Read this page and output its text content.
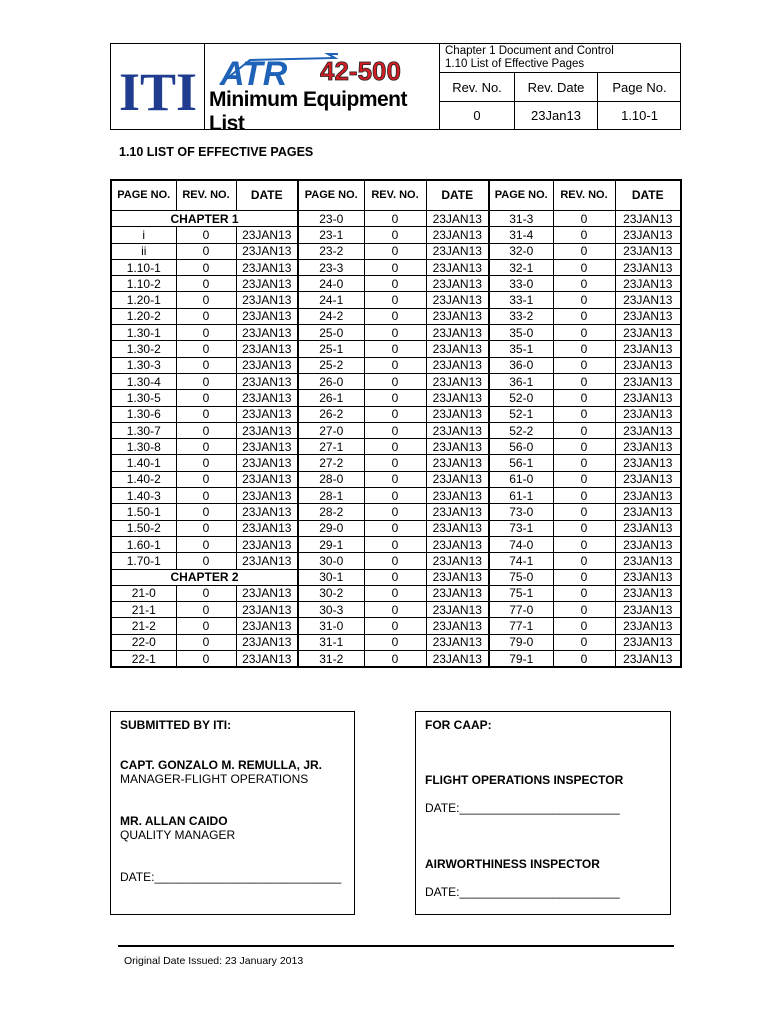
ITI ATR 42-500
Minimum Equipment List
Chapter 1 Document and Control
1.10 List of Effective Pages
Rev. No.	Rev. Date	Page No.
0	23Jan13	1.10-1
1.10 LIST OF EFFECTIVE PAGES
PAGE NO.	REV. NO.	DATE	PAGE NO.	REV. NO.	DATE	PAGE NO.	REV. NO.	DATE
CHAPTER 1			23-0	0	23JAN13	31-3	0	23JAN13
i	0	23JAN13	23-1	0	23JAN13	31-4	0	23JAN13
ii	0	23JAN13	23-2	0	23JAN13	32-0	0	23JAN13
1.10-1	0	23JAN13	23-3	0	23JAN13	32-1	0	23JAN13
1.10-2	0	23JAN13	24-0	0	23JAN13	33-0	0	23JAN13
1.20-1	0	23JAN13	24-1	0	23JAN13	33-1	0	23JAN13
1.20-2	0	23JAN13	24-2	0	23JAN13	33-2	0	23JAN13
1.30-1	0	23JAN13	25-0	0	23JAN13	35-0	0	23JAN13
1.30-2	0	23JAN13	25-1	0	23JAN13	35-1	0	23JAN13
1.30-3	0	23JAN13	25-2	0	23JAN13	36-0	0	23JAN13
1.30-4	0	23JAN13	26-0	0	23JAN13	36-1	0	23JAN13
1.30-5	0	23JAN13	26-1	0	23JAN13	52-0	0	23JAN13
1.30-6	0	23JAN13	26-2	0	23JAN13	52-1	0	23JAN13
1.30-7	0	23JAN13	27-0	0	23JAN13	52-2	0	23JAN13
1.30-8	0	23JAN13	27-1	0	23JAN13	56-0	0	23JAN13
1.40-1	0	23JAN13	27-2	0	23JAN13	56-1	0	23JAN13
1.40-2	0	23JAN13	28-0	0	23JAN13	61-0	0	23JAN13
1.40-3	0	23JAN13	28-1	0	23JAN13	61-1	0	23JAN13
1.50-1	0	23JAN13	28-2	0	23JAN13	73-0	0	23JAN13
1.50-2	0	23JAN13	29-0	0	23JAN13	73-1	0	23JAN13
1.60-1	0	23JAN13	29-1	0	23JAN13	74-0	0	23JAN13
1.70-1	0	23JAN13	30-0	0	23JAN13	74-1	0	23JAN13
CHAPTER 2			30-1	0	23JAN13	75-0	0	23JAN13
21-0	0	23JAN13	30-2	0	23JAN13	75-1	0	23JAN13
21-1	0	23JAN13	30-3	0	23JAN13	77-0	0	23JAN13
21-2	0	23JAN13	31-0	0	23JAN13	77-1	0	23JAN13
22-0	0	23JAN13	31-1	0	23JAN13	79-0	0	23JAN13
22-1	0	23JAN13	31-2	0	23JAN13	79-1	0	23JAN13
SUBMITTED BY ITI:
CAPT. GONZALO M. REMULLA, JR.
MANAGER-FLIGHT OPERATIONS
MR. ALLAN CAIDO
QUALITY MANAGER
DATE:____________________________
FOR CAAP:
FLIGHT OPERATIONS INSPECTOR
DATE:________________________
AIRWORTHINESS INSPECTOR
DATE:________________________
Original Date Issued: 23 January 2013
